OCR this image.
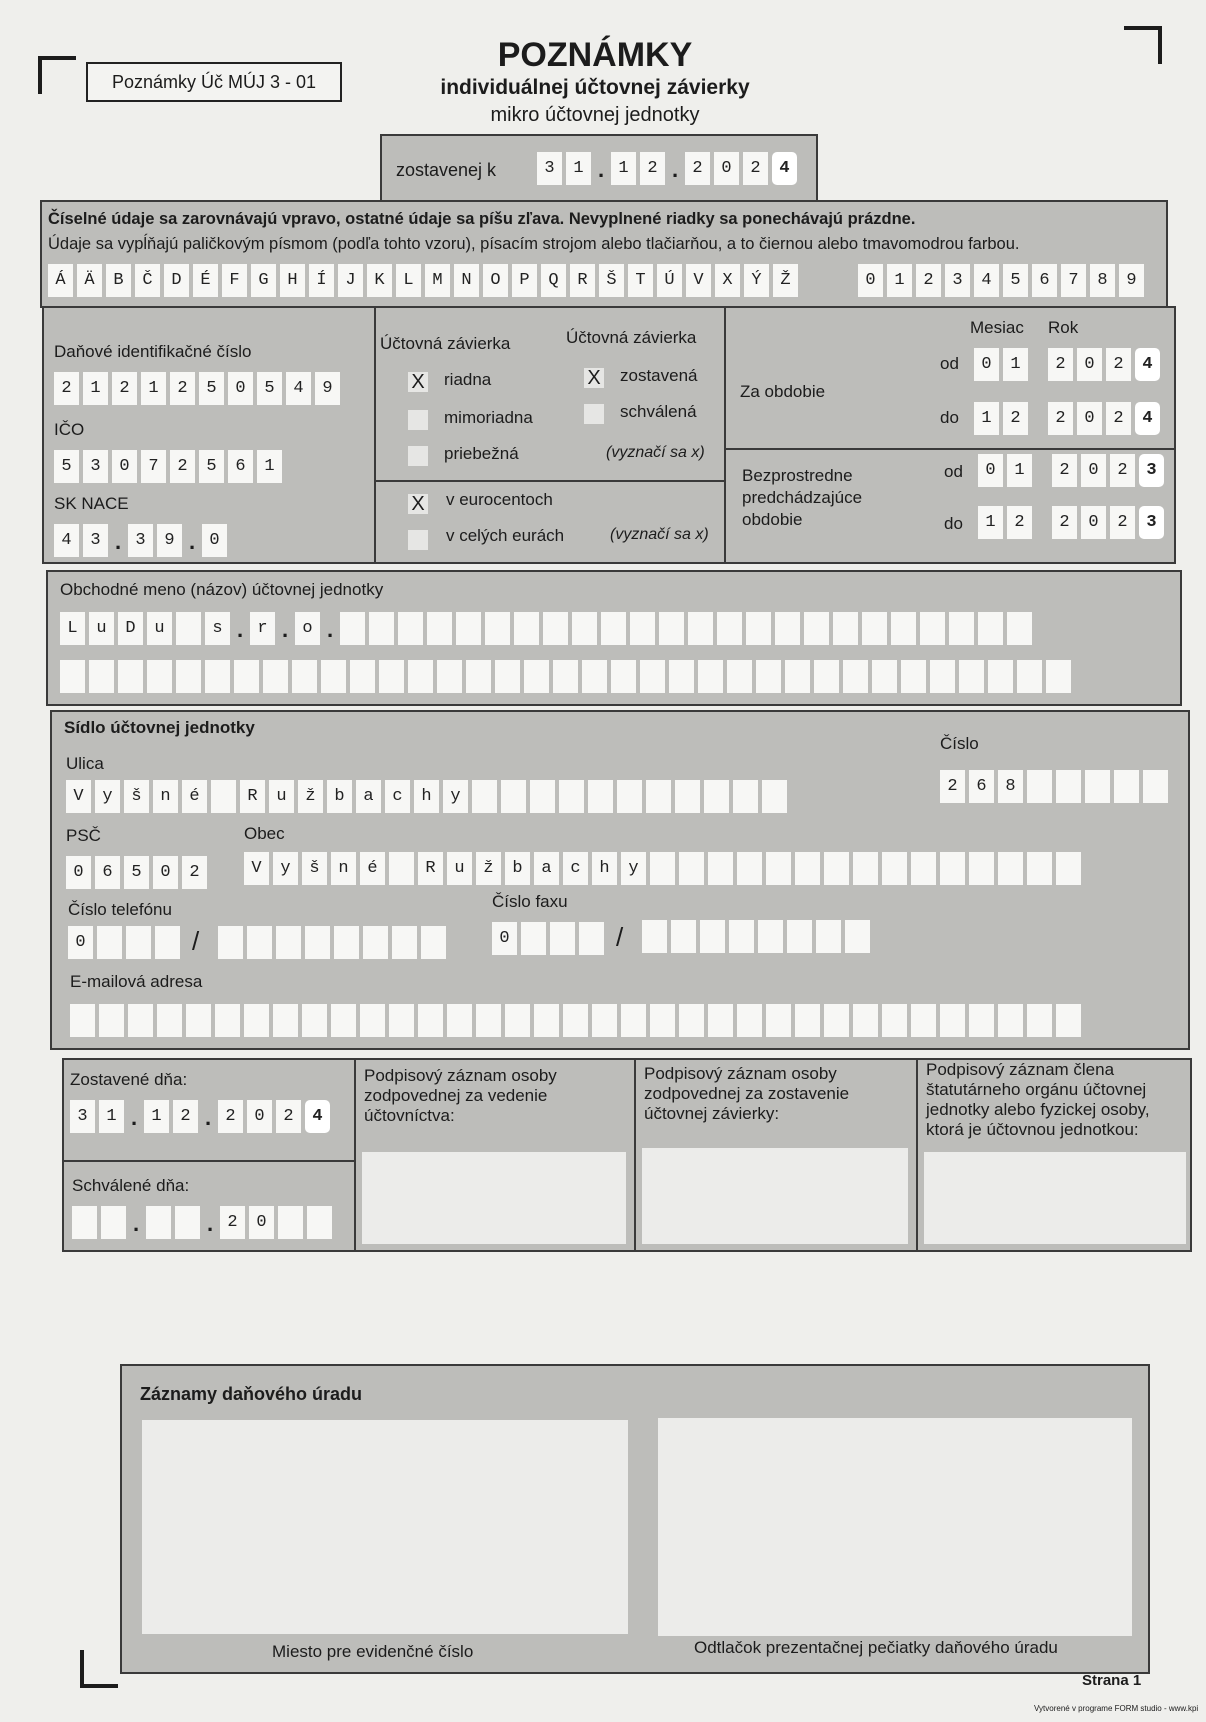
Poznámky Úč MÚJ 3 - 01
POZNÁMKY
individuálnej účtovnej závierky
mikro účtovnej jednotky
zostavenej k	3	1 . 1	2 . 2	0	2	4
Číselné údaje sa zarovnávajú vpravo, ostatné údaje sa píšu zľava. Nevyplnené riadky sa ponechávajú prázdne.
Údaje sa vypĺňajú paličkovým písmom (podľa tohto vzoru), písacím strojom alebo tlačiarňou, a to čiernou alebo tmavomodrou farbou.
Á	Ä	B	Č	D	É	F	G	H	Í	J	K	L	M	N	O	P	Q	R	Š	T	Ú	V	X	Ý	Ž	0	1	2	3	4	5	6	7	8	9
Daňové identifikačné číslo
2	1	2	1	2	5	0	5	4	9
IČO
5	3	0	7	2	5	6	1
SK NACE
4	3 . 3	9 . 0
Účtovná závierka	Účtovná závierka
X riadna
mimoriadna
priebežná
X zostavená
schválená
(vyznačí sa x)
X v eurocentoch
v celých eurách	(vyznačí sa x)
Mesiac Rok
Za obdobie
od	0	1	2	0	2	4
do	1	2	2	0	2	4
Bezprostredne
predchádzajúce
obdobie
od	0	1	2	0	2	3
do	1	2	2	0	2	3
Obchodné meno (názov) účtovnej jednotky
L	u	D	u	s . r . o .
Sídlo účtovnej jednotky
Ulica
V	y	š	n	é	R	u	ž	b	a	c	h	y
Číslo
2	6	8
PSČ
0	6	5	0	2
Obec
V	y	š	n	é	R	u	ž	b	a	c	h	y
Číslo telefónu
0	/
Číslo faxu
0	/
E-mailová adresa
Zostavené dňa:
3	1 . 1	2 . 2	0	2	4
Schválené dňa:
.	. 2	0
Podpisový záznam osoby zodpovednej za vedenie účtovníctva:
Podpisový záznam osoby zodpovednej za zostavenie účtovnej závierky:
Podpisový záznam člena štatutárneho orgánu účtovnej jednotky alebo fyzickej osoby, ktorá je účtovnou jednotkou:
Záznamy daňového úradu
Miesto pre evidenčné číslo	Odtlačok prezentačnej pečiatky daňového úradu
Strana 1
Vytvorené v programe FORM studio - www.kpi
